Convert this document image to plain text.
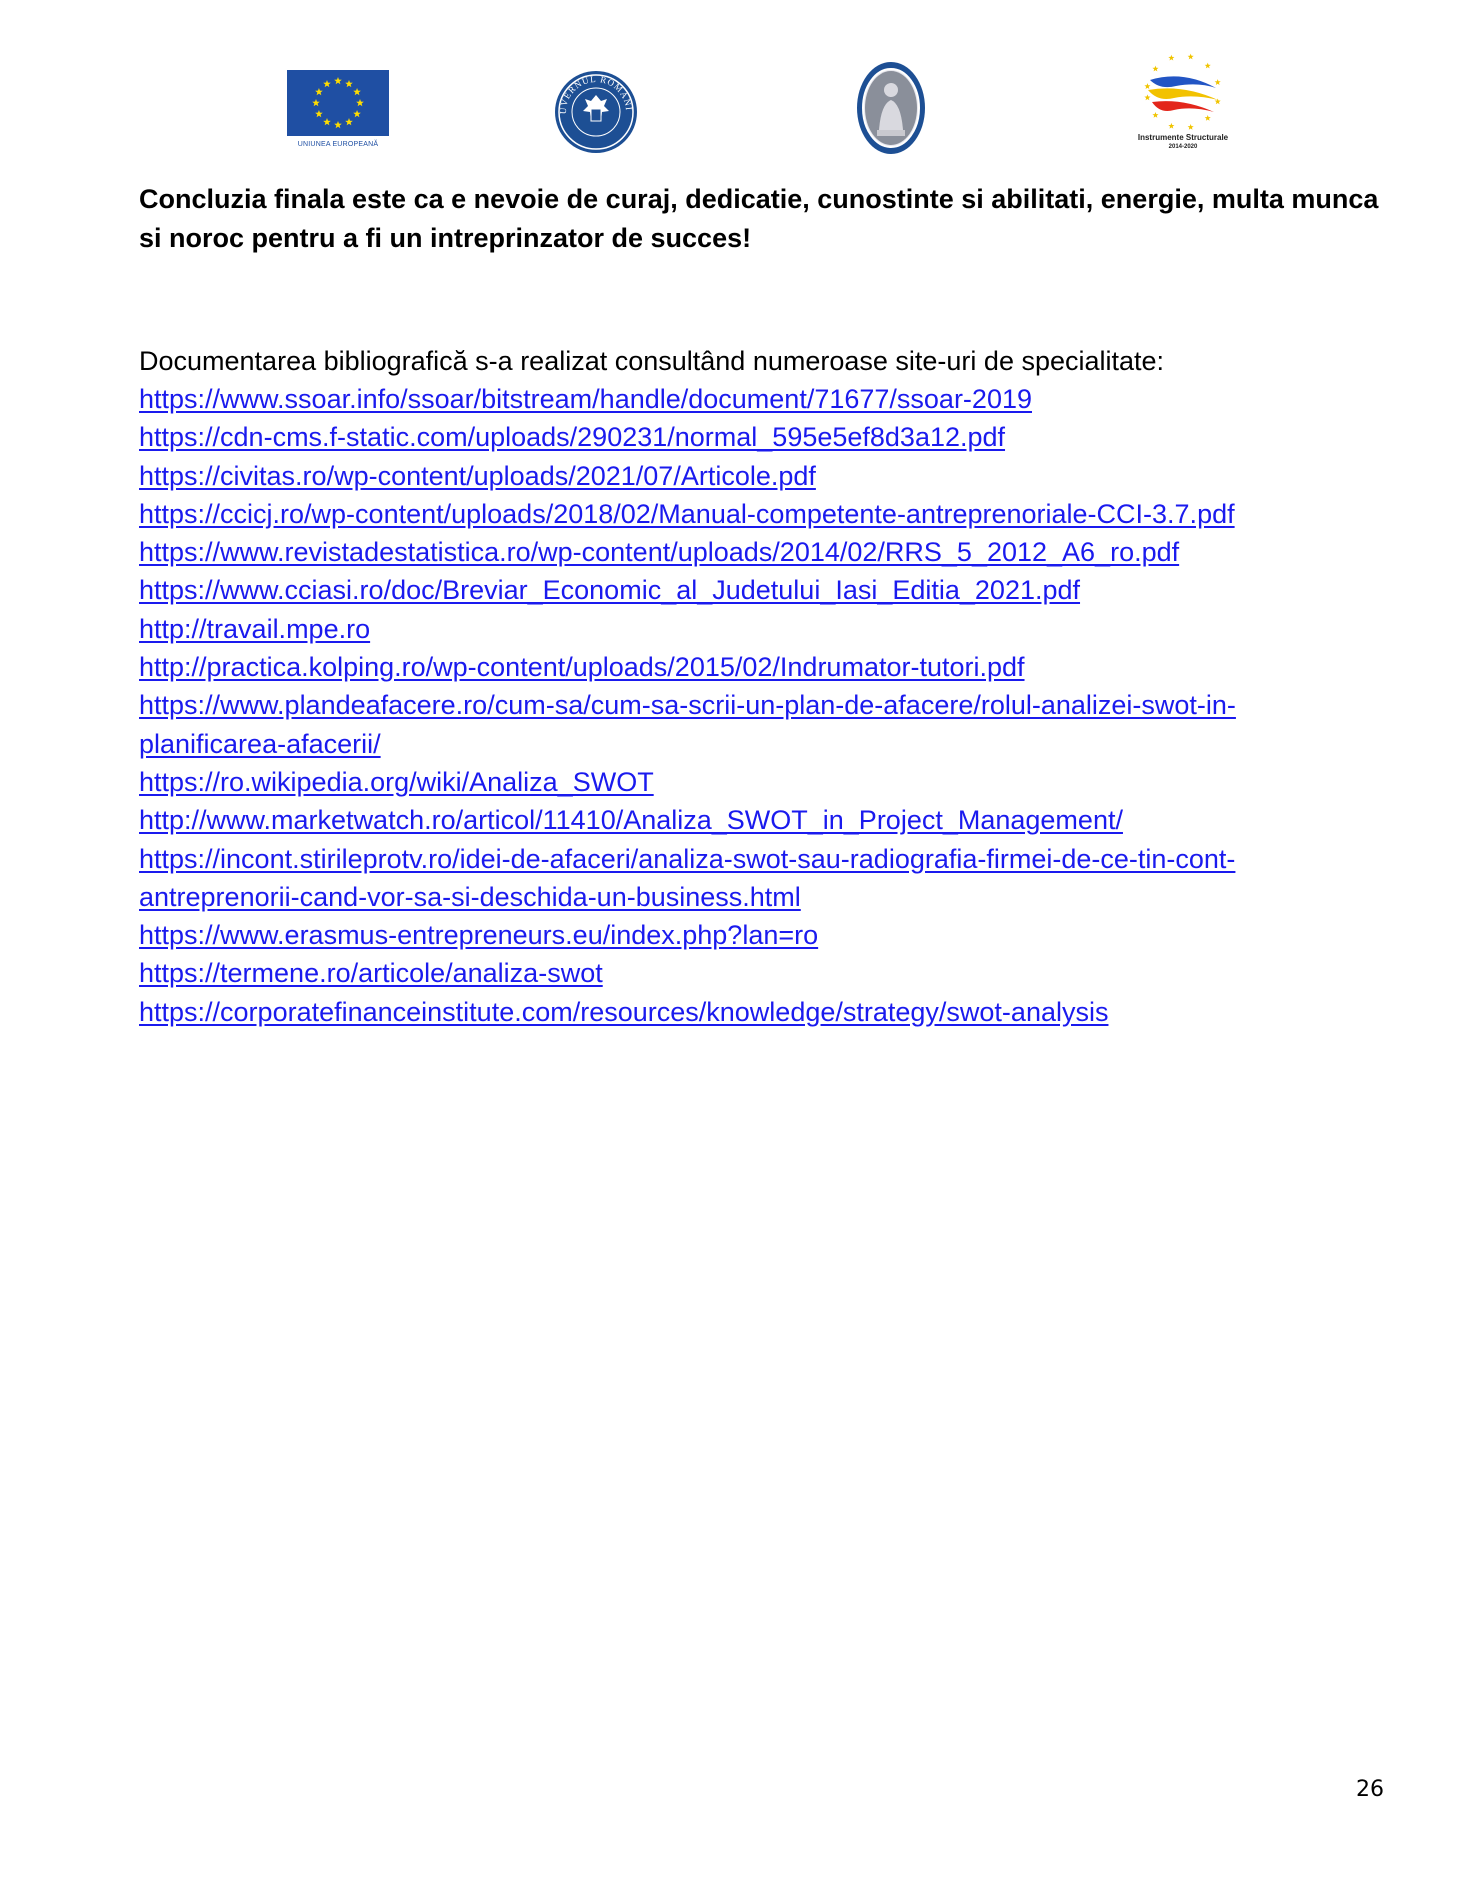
UNIUNEA EUROPEANĂ
UVERNUL ROMÂNI
Instrumente Structurale
2014-2020

Concluzia finala este ca e nevoie de curaj, dedicatie, cunostinte si abilitati, energie, multa munca si noroc pentru a fi un intreprinzator de succes!

Documentarea bibliografică s-a realizat consultând numeroase site-uri de specialitate:

https://www.ssoar.info/ssoar/bitstream/handle/document/71677/ssoar-2019
https://cdn-cms.f-static.com/uploads/290231/normal_595e5ef8d3a12.pdf
https://civitas.ro/wp-content/uploads/2021/07/Articole.pdf
https://ccicj.ro/wp-content/uploads/2018/02/Manual-competente-antreprenoriale-CCI-3.7.pdf
https://www.revistadestatistica.ro/wp-content/uploads/2014/02/RRS_5_2012_A6_ro.pdf
https://www.cciasi.ro/doc/Breviar_Economic_al_Judetului_Iasi_Editia_2021.pdf
http://travail.mpe.ro
http://practica.kolping.ro/wp-content/uploads/2015/02/Indrumator-tutori.pdf
https://www.plandeafacere.ro/cum-sa/cum-sa-scrii-un-plan-de-afacere/rolul-analizei-swot-in-planificarea-afacerii/
https://ro.wikipedia.org/wiki/Analiza_SWOT
http://www.marketwatch.ro/articol/11410/Analiza_SWOT_in_Project_Management/
https://incont.stirileprotv.ro/idei-de-afaceri/analiza-swot-sau-radiografia-firmei-de-ce-tin-cont-antreprenorii-cand-vor-sa-si-deschida-un-business.html
https://www.erasmus-entrepreneurs.eu/index.php?lan=ro
https://termene.ro/articole/analiza-swot
https://corporatefinanceinstitute.com/resources/knowledge/strategy/swot-analysis
26
